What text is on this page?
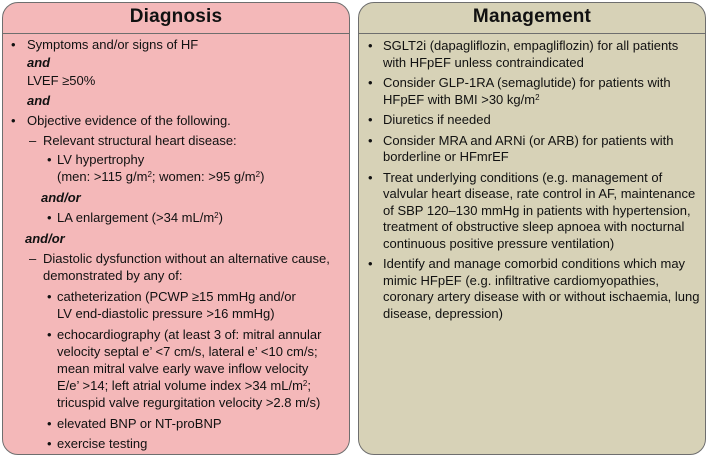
Diagnosis
• Symptoms and/or signs of HF
and
LVEF ≥50%
and
• Objective evidence of the following.
– Relevant structural heart disease:
• LV hypertrophy
(men: >115 $g/m^2$; women: >95 $g/m^2$)
and/or
• LA enlargement (>34 $mL/m^2$)
and/or
– Diastolic dysfunction without an alternative cause,
demonstrated by any of:
• catheterization (PCWP ≥15 mmHg and/or
LV end-diastolic pressure >16 mmHg)
• echocardiography (at least 3 of: mitral annular
velocity septal e’ <7 cm/s, lateral e’ <10 cm/s;
mean mitral valve early wave inflow velocity
E/e’ >14; left atrial volume index >34 $mL/m^2$;
tricuspid valve regurgitation velocity >2.8 m/s)
• elevated BNP or NT-proBNP
• exercise testing
Management
• SGLT2i (dapagliflozin, empagliflozin) for all patients with HFpEF unless contraindicated

• Consider GLP-1RA (semaglutide) for patients with HFpEF with BMI >30 $kg/m^2$

• Diuretics if needed

• Consider MRA and ARNi (or ARB) for patients with borderline or HFmrEF

• Treat underlying conditions (e.g. management of valvular heart disease, rate control in AF, maintenance of SBP 120–130 mmHg in patients with hypertension, treatment of obstructive sleep apnoea with nocturnal continuous positive pressure ventilation)

• Identify and manage comorbid conditions which may mimic HFpEF (e.g. infiltrative cardiomyopathies, coronary artery disease with or without ischaemia, lung disease, depression)
